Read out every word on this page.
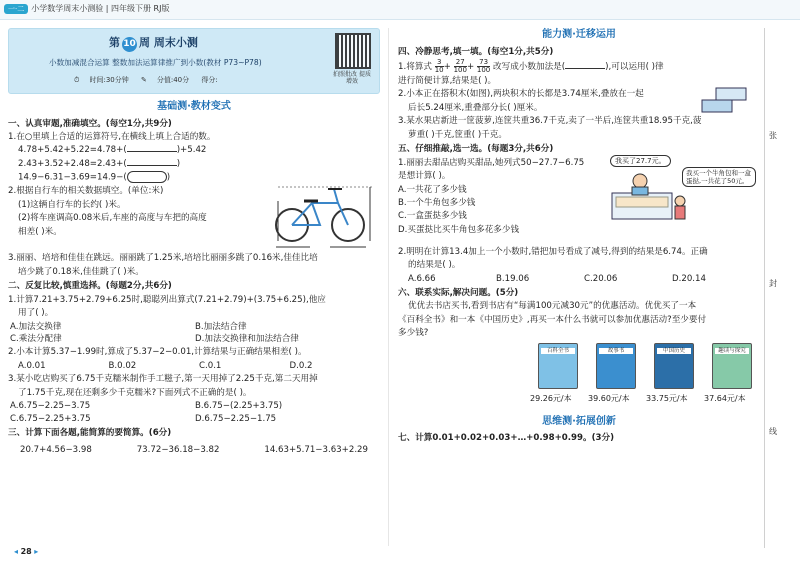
一·二 小学数学周末小测验 | 四年级下册 RJ版
第 10 周 周末小测
小数加减混合运算 整数加法运算律推广到小数(教材 P73~P78)
⏱ 时间:30分钟 ✎ 分值:40分 得分:
拍照批改 提质增效
基础测·教材变式
一、认真审题,准确填空。(每空1分,共9分)
1.在○里填上合适的运算符号,在横线上填上合适的数。
4.78+5.42+5.22=4.78+(	)+5.42
2.43+3.52+2.48=2.43+(	)
14.9−6.31−3.69=14.9−(	)
2.根据自行车的相关数据填空。(单位:米)
(1)这辆自行车的长约( )米。
(2)将车座调高0.08米后,车座的高度与车把的高度
相差( )米。
3.丽丽、培培和佳佳在跳远。丽丽跳了1.25米,培培比丽丽多跳了0.16米,佳佳比培
培少跳了0.18米,佳佳跳了( )米。
二、反复比较,慎重选择。(每题2分,共6分)
1.计算7.21+3.75+2.79+6.25时,聪聪列出算式(7.21+2.79)+(3.75+6.25),他应
用了( )。
A.加法交换律	B.加法结合律
C.乘法分配律	D.加法交换律和加法结合律
2.小本计算5.37−1.99时,算成了5.37−2−0.01,计算结果与正确结果相差( )。
A.0.01	B.0.02	C.0.1	D.0.2
3.某小吃店购买了6.75千克糯米制作手工糍子,第一天用掉了2.25千克,第二天用掉
了1.75千克,现在还剩多少千克糯米?下面列式不正确的是( )。
A.6.75−2.25−3.75	B.6.75−(2.25+3.75)
C.6.75−2.25+3.75	D.6.75−2.25−1.75
三、计算下面各题,能简算的要简算。(6分)
20.7+4.56−3.98	73.72−36.18−3.82	14.63+5.71−3.63+2.29
能力测·迁移运用
四、冷静思考,填一填。(每空1分,共5分)
1.将算式 $\frac{3}{10} + \frac{27}{100} + \frac{73}{100}$ 改写成小数加法是(	),可以运用( )律
进行简便计算,结果是( )。
2.小本正在搭积木(如图),两块积木的长都是3.74厘米,叠放在一起
后长5.24厘米,重叠部分长( )厘米。
3.某水果店新进一筐菠萝,连筐共重36.7千克,卖了一半后,连筐共重18.95千克,菠
萝重( )千克,筐重( )千克。
五、仔细推敲,选一选。(每题3分,共6分)
1.丽丽去甜品店购买甜品,她列式50−27.7−6.75
是想计算( )。
A.一共花了多少钱
B.一个牛角包多少钱
C.一盒蛋挞多少钱
D.买蛋挞比买牛角包多花多少钱
我买了27.7元。
我买一个牛角包和一盒蛋挞,一共花了50元。
2.明明在计算13.4加上一个小数时,错把加号看成了减号,得到的结果是6.74。正确
的结果是( )。
A.6.66	B.19.06	C.20.06	D.20.14
六、联系实际,解决问题。(5分)
优优去书店买书,看到书店有“每满100元减30元”的优惠活动。优优买了一本
《百科全书》和一本《中国历史》,再买一本什么书就可以参加优惠活动?至少要付
多少钱?
百科全书
29.26元/本
故事书
39.60元/本
中国历史
33.75元/本
趣读与探究
37.64元/本
思维测·拓展创新
七、计算0.01+0.02+0.03+…+0.98+0.99。(3分)
张
封
线
◂ 28 ▸
